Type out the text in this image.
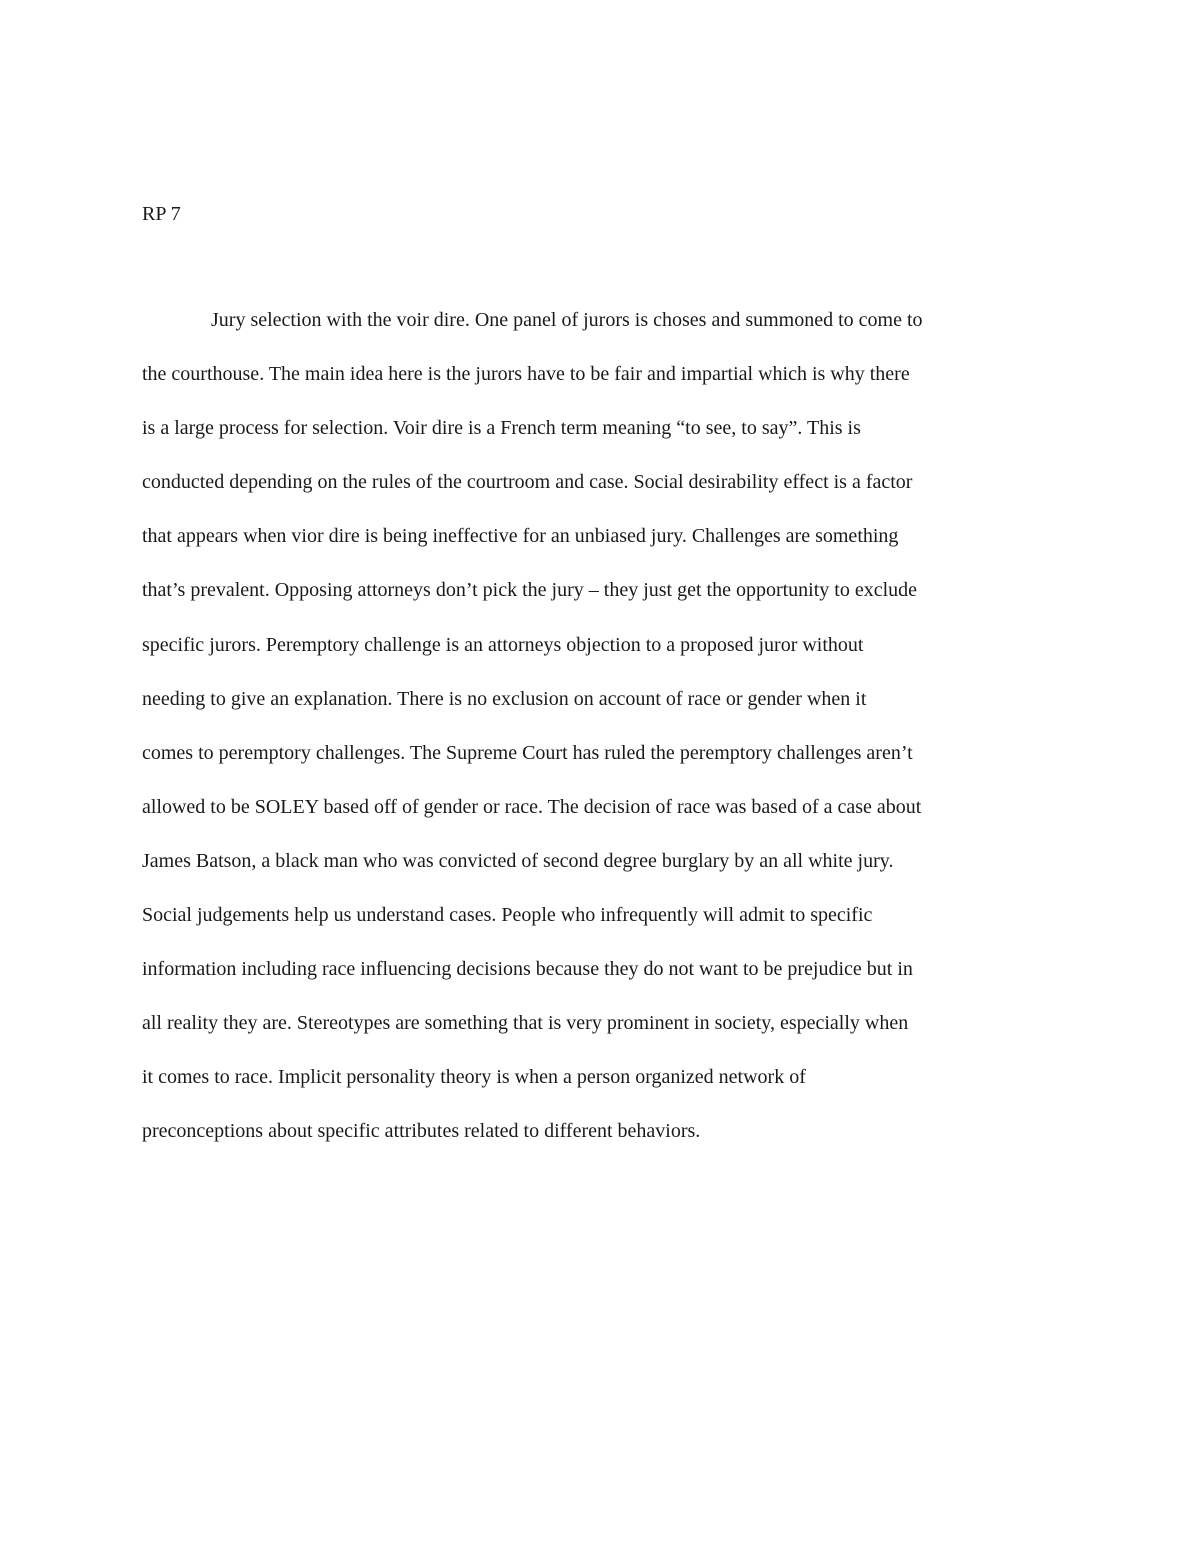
RP 7
Jury selection with the voir dire. One panel of jurors is choses and summoned to come to
the courthouse. The main idea here is the jurors have to be fair and impartial which is why there
is a large process for selection. Voir dire is a French term meaning “to see, to say”. This is
conducted depending on the rules of the courtroom and case. Social desirability effect is a factor
that appears when vior dire is being ineffective for an unbiased jury. Challenges are something
that’s prevalent. Opposing attorneys don’t pick the jury – they just get the opportunity to exclude
specific jurors. Peremptory challenge is an attorneys objection to a proposed juror without
needing to give an explanation. There is no exclusion on account of race or gender when it
comes to peremptory challenges. The Supreme Court has ruled the peremptory challenges aren’t
allowed to be SOLEY based off of gender or race. The decision of race was based of a case about
James Batson, a black man who was convicted of second degree burglary by an all white jury.
Social judgements help us understand cases. People who infrequently will admit to specific
information including race influencing decisions because they do not want to be prejudice but in
all reality they are. Stereotypes are something that is very prominent in society, especially when
it comes to race. Implicit personality theory is when a person organized network of
preconceptions about specific attributes related to different behaviors.
